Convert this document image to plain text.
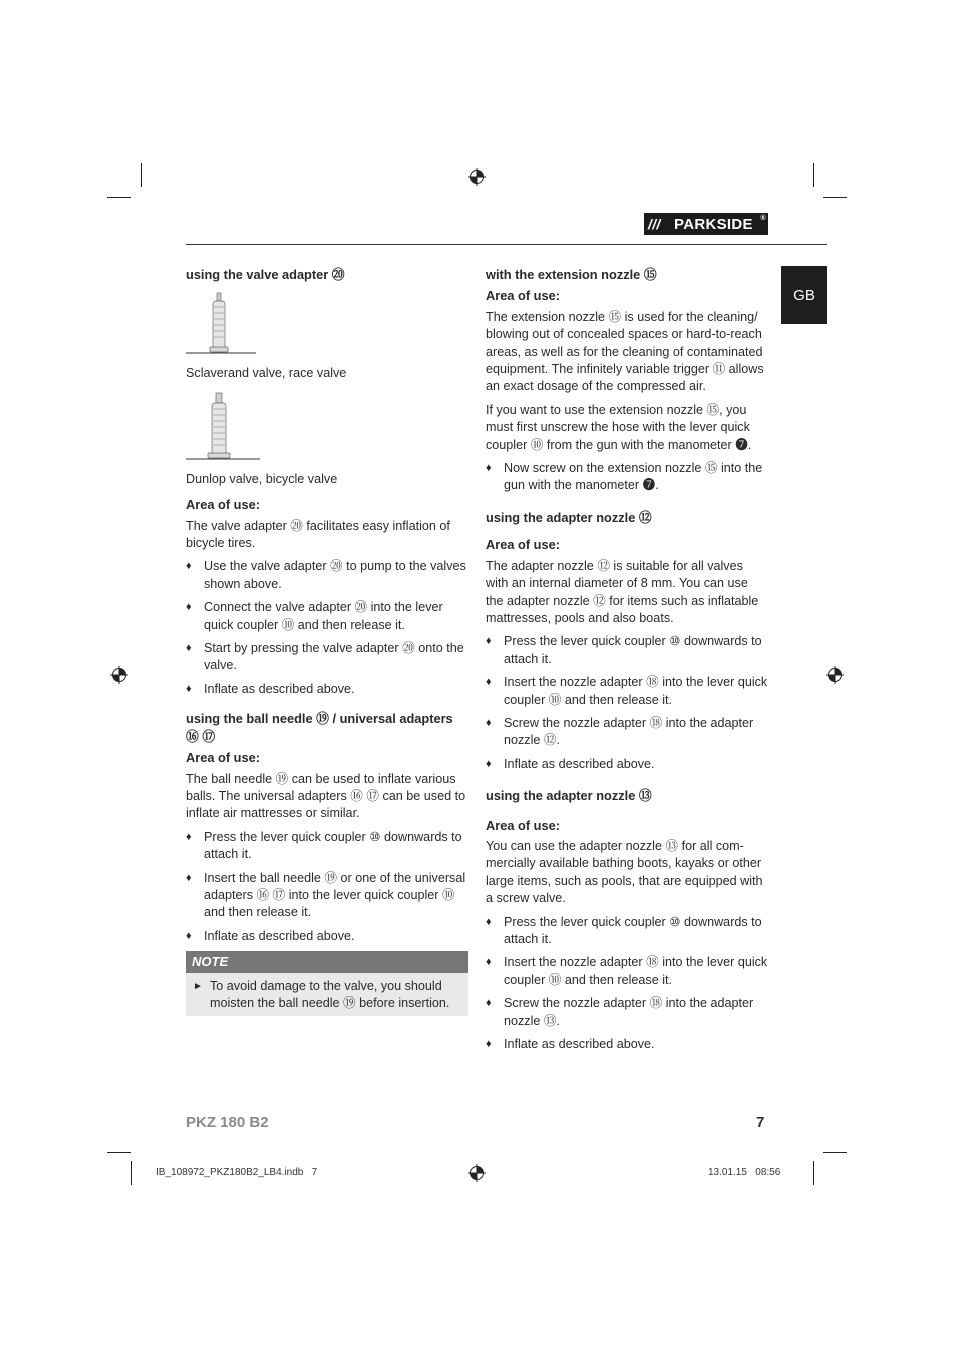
/// PARKSIDE	®
GB
using the valve adapter ⑳
Sclaverand valve, race valve
Dunlop valve, bicycle valve
Area of use:
The valve adapter ⑳ facilitates easy inflation of bicycle tires.
♦ Use the valve adapter ⑳ to pump to the valves shown above.
♦ Connect the valve adapter ⑳ into the lever quick coupler ⑩ and then release it.
♦ Start by pressing the valve adapter ⑳ onto the valve.
♦ Inflate as described above.
using the ball needle ⑲ / universal adapters ⑯ ⑰
Area of use:
The ball needle ⑲ can be used to inflate various balls. The universal adapters ⑯ ⑰ can be used to inflate air mattresses or similar.
♦ Press the lever quick coupler ⑩ downwards to attach it.
♦ Insert the ball needle ⑲ or one of the universal adapters ⑯ ⑰ into the lever quick coupler ⑩ and then release it.
♦ Inflate as described above.
NOTE
► To avoid damage to the valve, you should moisten the ball needle ⑲ before insertion.
with the extension nozzle ⑮
Area of use:
The extension nozzle ⑮ is used for the cleaning/ blowing out of concealed spaces or hard-to-reach areas, as well as for the cleaning of contaminated equipment. The infinitely variable trigger ⑪ allows an exact dosage of the compressed air.
If you want to use the extension nozzle ⑮, you must first unscrew the hose with the lever quick coupler ⑩ from the gun with the manometer ❼.
♦ Now screw on the extension nozzle ⑮ into the gun with the manometer ❼.
using the adapter nozzle ⑫
Area of use:
The adapter nozzle ⑫ is suitable for all valves with an internal diameter of 8 mm. You can use the adapter nozzle ⑫ for items such as inflatable mattresses, pools and also boats.
♦ Press the lever quick coupler ⑩ downwards to attach it.
♦ Insert the nozzle adapter ⑱ into the lever quick coupler ⑩ and then release it.
♦ Screw the nozzle adapter ⑱ into the adapter nozzle ⑫.
♦ Inflate as described above.
using the adapter nozzle ⑬
Area of use:
You can use the adapter nozzle ⑬ for all com- mercially available bathing boots, kayaks or other large items, such as pools, that are equipped with a screw valve.
♦ Press the lever quick coupler ⑩ downwards to attach it.
♦ Insert the nozzle adapter ⑱ into the lever quick coupler ⑩ and then release it.
♦ Screw the nozzle adapter ⑱ into the adapter nozzle ⑬.
♦ Inflate as described above.
PKZ 180 B2	7
IB_108972_PKZ180B2_LB4.indb   7	13.01.15   08:56
